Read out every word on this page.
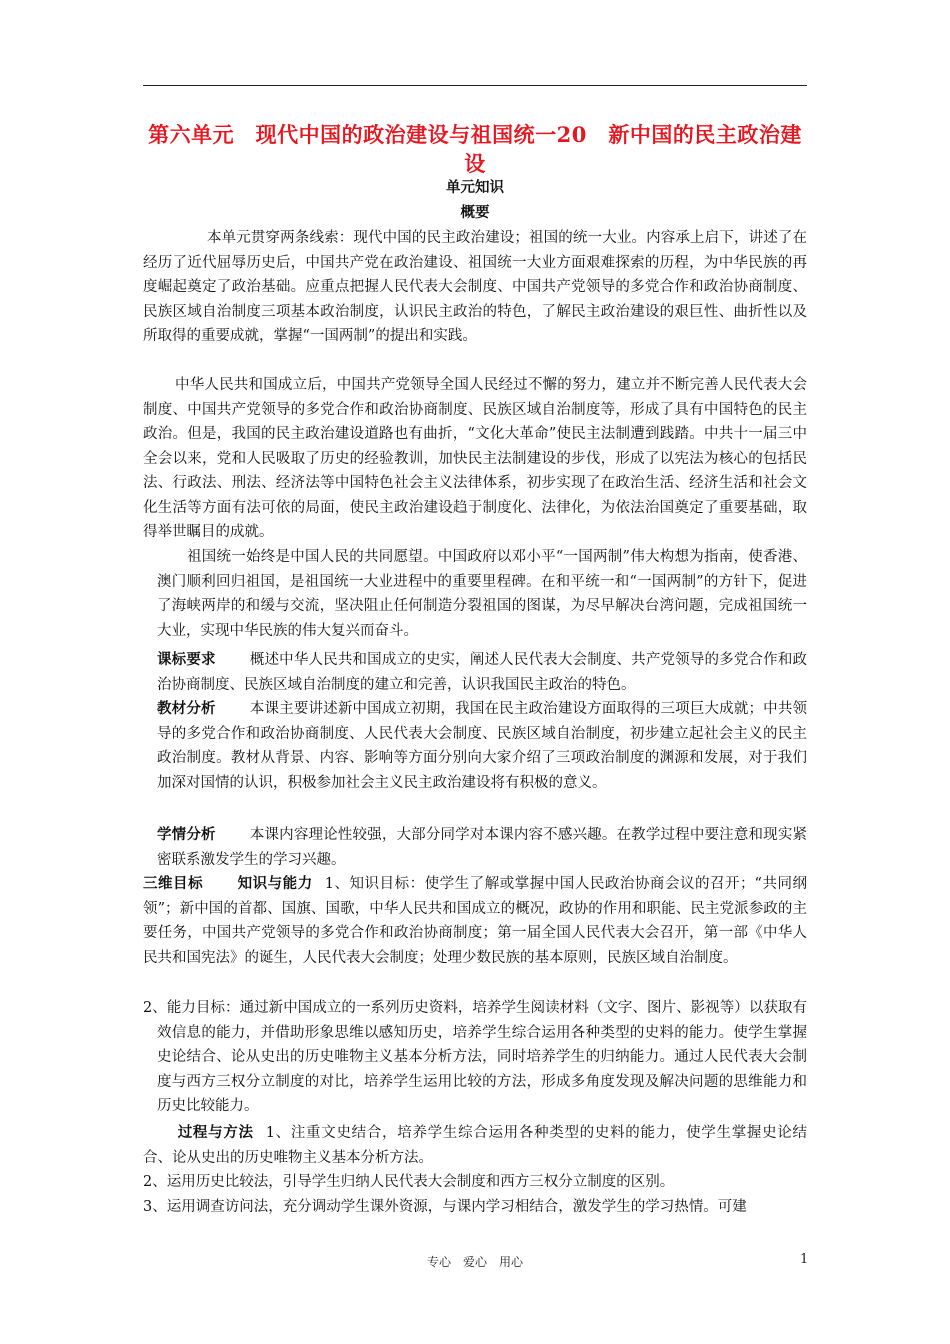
第六单元　现代中国的政治建设与祖国统一20　新中国的民主政治建设
单元知识
概要

本单元贯穿两条线索：现代中国的民主政治建设；祖国的统一大业。内容承上启下，讲述了在经历了近代屈辱历史后，中国共产党在政治建设、祖国统一大业方面艰难探索的历程，为中华民族的再度崛起奠定了政治基础。应重点把握人民代表大会制度、中国共产党领导的多党合作和政治协商制度、民族区域自治制度三项基本政治制度，认识民主政治的特色，了解民主政治建设的艰巨性、曲折性以及所取得的重要成就，掌握“一国两制”的提出和实践。

中华人民共和国成立后，中国共产党领导全国人民经过不懈的努力，建立并不断完善人民代表大会制度、中国共产党领导的多党合作和政治协商制度、民族区域自治制度等，形成了具有中国特色的民主政治。但是，我国的民主政治建设道路也有曲折，“文化大革命”使民主法制遭到践踏。中共十一届三中全会以来，党和人民吸取了历史的经验教训，加快民主法制建设的步伐，形成了以宪法为核心的包括民法、行政法、刑法、经济法等中国特色社会主义法律体系，初步实现了在政治生活、经济生活和社会文化生活等方面有法可依的局面，使民主政治建设趋于制度化、法律化，为依法治国奠定了重要基础，取得举世瞩目的成就。

祖国统一始终是中国人民的共同愿望。中国政府以邓小平“一国两制”伟大构想为指南，使香港、澳门顺利回归祖国，是祖国统一大业进程中的重要里程碑。在和平统一和“一国两制”的方针下，促进了海峡两岸的和缓与交流，坚决阻止任何制造分裂祖国的图谋，为尽早解决台湾问题，完成祖国统一大业，实现中华民族的伟大复兴而奋斗。

课标要求 概述中华人民共和国成立的史实，阐述人民代表大会制度、共产党领导的多党合作和政治协商制度、民族区域自治制度的建立和完善，认识我国民主政治的特色。

教材分析 本课主要讲述新中国成立初期，我国在民主政治建设方面取得的三项巨大成就；中共领导的多党合作和政治协商制度、人民代表大会制度、民族区域自治制度，初步建立起社会主义的民主政治制度。教材从背景、内容、影响等方面分别向大家介绍了三项政治制度的渊源和发展，对于我们加深对国情的认识，积极参加社会主义民主政治建设将有积极的意义。

学情分析 本课内容理论性较强，大部分同学对本课内容不感兴趣。在教学过程中要注意和现实紧密联系激发学生的学习兴趣。

三维目标 知识与能力 1、知识目标：使学生了解或掌握中国人民政治协商会议的召开；“共同纲领”；新中国的首都、国旗、国歌，中华人民共和国成立的概况，政协的作用和职能、民主党派参政的主要任务，中国共产党领导的多党合作和政治协商制度；第一届全国人民代表大会召开，第一部《中华人民共和国宪法》的诞生，人民代表大会制度；处理少数民族的基本原则，民族区域自治制度。

2、能力目标：通过新中国成立的一系列历史资料，培养学生阅读材料（文字、图片、影视等）以获取有效信息的能力，并借助形象思维以感知历史，培养学生综合运用各种类型的史料的能力。使学生掌握史论结合、论从史出的历史唯物主义基本分析方法，同时培养学生的归纳能力。通过人民代表大会制度与西方三权分立制度的对比，培养学生运用比较的方法，形成多角度发现及解决问题的思维能力和历史比较能力。

过程与方法 1、注重文史结合，培养学生综合运用各种类型的史料的能力，使学生掌握史论结合、论从史出的历史唯物主义基本分析方法。

2、运用历史比较法，引导学生归纳人民代表大会制度和西方三权分立制度的区别。

3、运用调查访问法，充分调动学生课外资源，与课内学习相结合，激发学生的学习热情。可建

专心　爱心　用心	1
